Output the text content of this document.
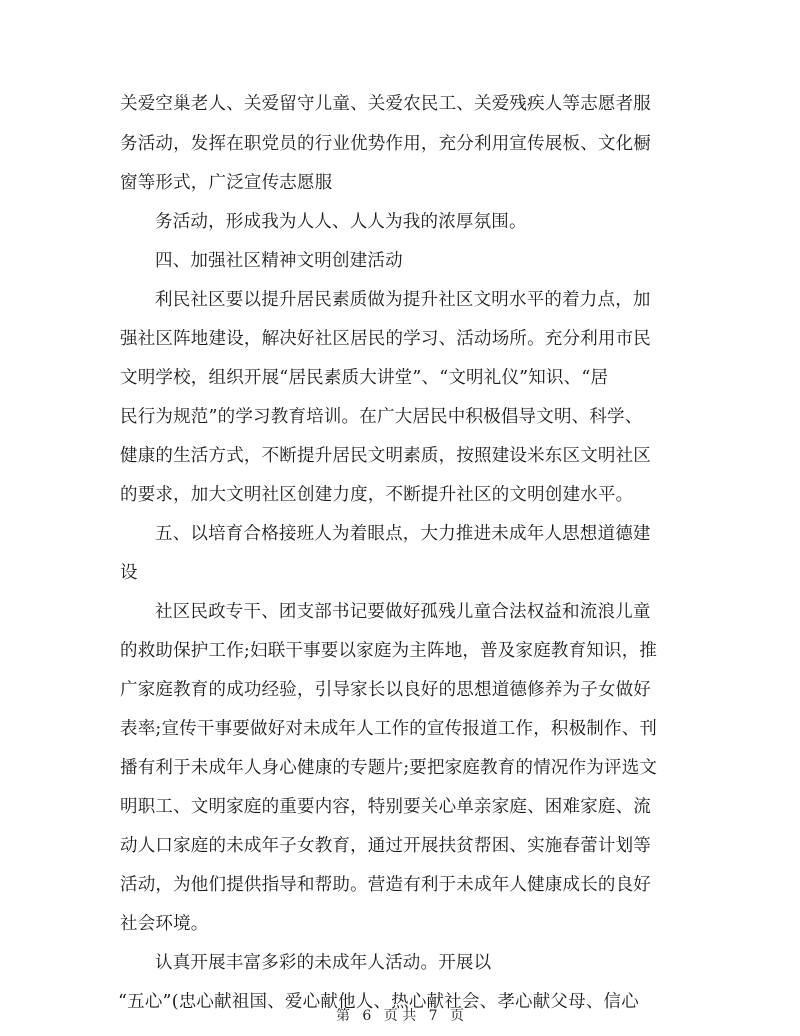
关爱空巢老人、关爱留守儿童、关爱农民工、关爱残疾人等志愿者服
务活动，发挥在职党员的行业优势作用，充分利用宣传展板、文化橱
窗等形式，广泛宣传志愿服
务活动，形成我为人人、人人为我的浓厚氛围。
四、加强社区精神文明创建活动
利民社区要以提升居民素质做为提升社区文明水平的着力点，加
强社区阵地建设，解决好社区居民的学习、活动场所。充分利用市民
文明学校，组织开展“居民素质大讲堂”、“文明礼仪”知识、“居
民行为规范”的学习教育培训。在广大居民中积极倡导文明、科学、
健康的生活方式，不断提升居民文明素质，按照建设米东区文明社区
的要求，加大文明社区创建力度，不断提升社区的文明创建水平。
五、以培育合格接班人为着眼点，大力推进未成年人思想道德建
设
社区民政专干、团支部书记要做好孤残儿童合法权益和流浪儿童
的救助保护工作;妇联干事要以家庭为主阵地，普及家庭教育知识，推
广家庭教育的成功经验，引导家长以良好的思想道德修养为子女做好
表率;宣传干事要做好对未成年人工作的宣传报道工作，积极制作、刊
播有利于未成年人身心健康的专题片;要把家庭教育的情况作为评选文
明职工、文明家庭的重要内容，特别要关心单亲家庭、困难家庭、流
动人口家庭的未成年子女教育，通过开展扶贫帮困、实施春蕾计划等
活动，为他们提供指导和帮助。营造有利于未成年人健康成长的良好
社会环境。
认真开展丰富多彩的未成年人活动。开展以
“五心”(忠心献祖国、爱心献他人、热心献社会、孝心献父母、信心
第 6 页 共 7 页
